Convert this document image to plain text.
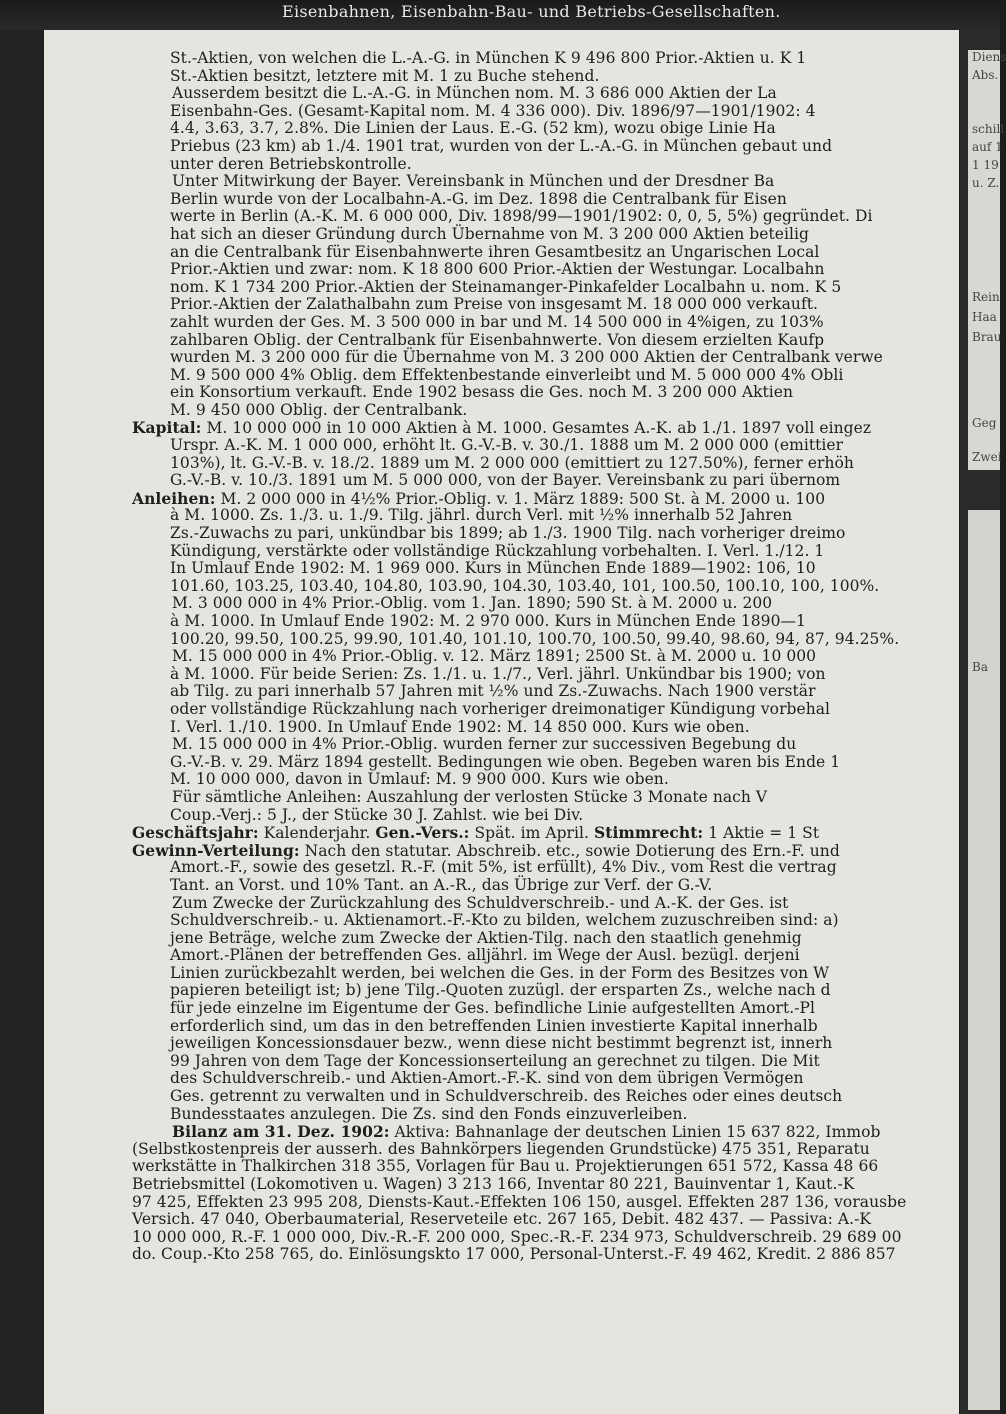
Eisenbahnen, Eisenbahn-Bau- und Betriebs-Gesellschaften.
Diens
Abs.
schill
auf 1
1 19
u. Z.
Rein
Haa
Brau
Geg
Zwei
Ba
St.-Aktien, von welchen die L.-A.-G. in München K 9 496 800 Prior.-Aktien u. K 1
St.-Aktien besitzt, letztere mit M. 1 zu Buche stehend.
Ausserdem besitzt die L.-A.-G. in München nom. M. 3 686 000 Aktien der La
Eisenbahn-Ges. (Gesamt-Kapital nom. M. 4 336 000). Div. 1896/97—1901/1902: 4
4.4, 3.63, 3.7, 2.8%. Die Linien der Laus. E.-G. (52 km), wozu obige Linie Ha
Priebus (23 km) ab 1./4. 1901 trat, wurden von der L.-A.-G. in München gebaut und
unter deren Betriebskontrolle.
Unter Mitwirkung der Bayer. Vereinsbank in München und der Dresdner Ba
Berlin wurde von der Localbahn-A.-G. im Dez. 1898 die Centralbank für Eisen
werte in Berlin (A.-K. M. 6 000 000, Div. 1898/99—1901/1902: 0, 0, 5, 5%) gegründet. Di
hat sich an dieser Gründung durch Übernahme von M. 3 200 000 Aktien beteilig
an die Centralbank für Eisenbahnwerte ihren Gesamtbesitz an Ungarischen Local
Prior.-Aktien und zwar: nom. K 18 800 600 Prior.-Aktien der Westungar. Localbahn
nom. K 1 734 200 Prior.-Aktien der Steinamanger-Pinkafelder Localbahn u. nom. K 5
Prior.-Aktien der Zalathalbahn zum Preise von insgesamt M. 18 000 000 verkauft.
zahlt wurden der Ges. M. 3 500 000 in bar und M. 14 500 000 in 4%igen, zu 103%
zahlbaren Oblig. der Centralbank für Eisenbahnwerte. Von diesem erzielten Kaufp
wurden M. 3 200 000 für die Übernahme von M. 3 200 000 Aktien der Centralbank verwe
M. 9 500 000 4% Oblig. dem Effektenbestande einverleibt und M. 5 000 000 4% Obli
ein Konsortium verkauft. Ende 1902 besass die Ges. noch M. 3 200 000 Aktien
M. 9 450 000 Oblig. der Centralbank.
Kapital: M. 10 000 000 in 10 000 Aktien à M. 1000. Gesamtes A.-K. ab 1./1. 1897 voll eingez
Urspr. A.-K. M. 1 000 000, erhöht lt. G.-V.-B. v. 30./1. 1888 um M. 2 000 000 (emittier
103%), lt. G.-V.-B. v. 18./2. 1889 um M. 2 000 000 (emittiert zu 127.50%), ferner erhöh
G.-V.-B. v. 10./3. 1891 um M. 5 000 000, von der Bayer. Vereinsbank zu pari übernom
Anleihen: M. 2 000 000 in 4½% Prior.-Oblig. v. 1. März 1889: 500 St. à M. 2000 u. 100
à M. 1000. Zs. 1./3. u. 1./9. Tilg. jährl. durch Verl. mit ½% innerhalb 52 Jahren
Zs.-Zuwachs zu pari, unkündbar bis 1899; ab 1./3. 1900 Tilg. nach vorheriger dreimo
Kündigung, verstärkte oder vollständige Rückzahlung vorbehalten. I. Verl. 1./12. 1
In Umlauf Ende 1902: M. 1 969 000. Kurs in München Ende 1889—1902: 106, 10
101.60, 103.25, 103.40, 104.80, 103.90, 104.30, 103.40, 101, 100.50, 100.10, 100, 100%.
M. 3 000 000 in 4% Prior.-Oblig. vom 1. Jan. 1890; 590 St. à M. 2000 u. 200
à M. 1000. In Umlauf Ende 1902: M. 2 970 000. Kurs in München Ende 1890—1
100.20, 99.50, 100.25, 99.90, 101.40, 101.10, 100.70, 100.50, 99.40, 98.60, 94, 87, 94.25%.
M. 15 000 000 in 4% Prior.-Oblig. v. 12. März 1891; 2500 St. à M. 2000 u. 10 000
à M. 1000. Für beide Serien: Zs. 1./1. u. 1./7., Verl. jährl. Unkündbar bis 1900; von
ab Tilg. zu pari innerhalb 57 Jahren mit ½% und Zs.-Zuwachs. Nach 1900 verstär
oder vollständige Rückzahlung nach vorheriger dreimonatiger Kündigung vorbehal
I. Verl. 1./10. 1900. In Umlauf Ende 1902: M. 14 850 000. Kurs wie oben.
M. 15 000 000 in 4% Prior.-Oblig. wurden ferner zur successiven Begebung du
G.-V.-B. v. 29. März 1894 gestellt. Bedingungen wie oben. Begeben waren bis Ende 1
M. 10 000 000, davon in Umlauf: M. 9 900 000. Kurs wie oben.
Für sämtliche Anleihen: Auszahlung der verlosten Stücke 3 Monate nach V
Coup.-Verj.: 5 J., der Stücke 30 J. Zahlst. wie bei Div.
Geschäftsjahr: Kalenderjahr. Gen.-Vers.: Spät. im April. Stimmrecht: 1 Aktie = 1 St
Gewinn-Verteilung: Nach den statutar. Abschreib. etc., sowie Dotierung des Ern.-F. und
Amort.-F., sowie des gesetzl. R.-F. (mit 5%, ist erfüllt), 4% Div., vom Rest die vertrag
Tant. an Vorst. und 10% Tant. an A.-R., das Übrige zur Verf. der G.-V.
Zum Zwecke der Zurückzahlung des Schuldverschreib.- und A.-K. der Ges. ist
Schuldverschreib.- u. Aktienamort.-F.-Kto zu bilden, welchem zuzuschreiben sind: a)
jene Beträge, welche zum Zwecke der Aktien-Tilg. nach den staatlich genehmig
Amort.-Plänen der betreffenden Ges. alljährl. im Wege der Ausl. bezügl. derjeni
Linien zurückbezahlt werden, bei welchen die Ges. in der Form des Besitzes von W
papieren beteiligt ist; b) jene Tilg.-Quoten zuzügl. der ersparten Zs., welche nach d
für jede einzelne im Eigentume der Ges. befindliche Linie aufgestellten Amort.-Pl
erforderlich sind, um das in den betreffenden Linien investierte Kapital innerhalb
jeweiligen Koncessionsdauer bezw., wenn diese nicht bestimmt begrenzt ist, innerh
99 Jahren von dem Tage der Koncessionserteilung an gerechnet zu tilgen. Die Mit
des Schuldverschreib.- und Aktien-Amort.-F.-K. sind von dem übrigen Vermögen
Ges. getrennt zu verwalten und in Schuldverschreib. des Reiches oder eines deutsch
Bundesstaates anzulegen. Die Zs. sind den Fonds einzuverleiben.
Bilanz am 31. Dez. 1902: Aktiva: Bahnanlage der deutschen Linien 15 637 822, Immob
(Selbstkostenpreis der ausserh. des Bahnkörpers liegenden Grundstücke) 475 351, Reparatu
werkstätte in Thalkirchen 318 355, Vorlagen für Bau u. Projektierungen 651 572, Kassa 48 66
Betriebsmittel (Lokomotiven u. Wagen) 3 213 166, Inventar 80 221, Bauinventar 1, Kaut.-K
97 425, Effekten 23 995 208, Diensts-Kaut.-Effekten 106 150, ausgel. Effekten 287 136, vorausbe
Versich. 47 040, Oberbaumaterial, Reserveteile etc. 267 165, Debit. 482 437. — Passiva: A.-K
10 000 000, R.-F. 1 000 000, Div.-R.-F. 200 000, Spec.-R.-F. 234 973, Schuldverschreib. 29 689 00
do. Coup.-Kto 258 765, do. Einlösungskto 17 000, Personal-Unterst.-F. 49 462, Kredit. 2 886 857
